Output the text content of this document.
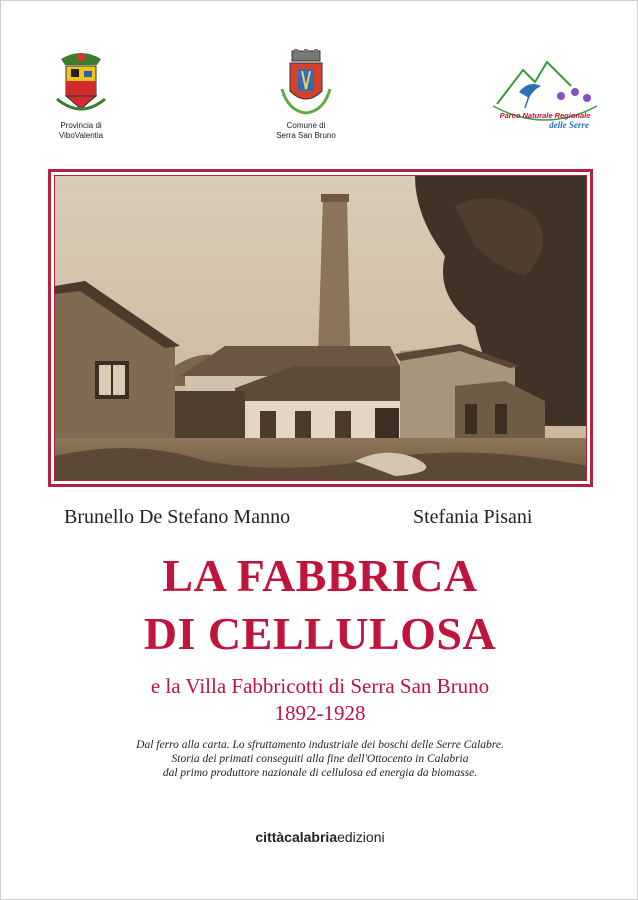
Provincia di
ViboValentia
Comune di
Serra San Bruno
Parco Naturale Regionale
delle Serre
Brunello De Stefano Manno	Stefania Pisani
LA FABBRICA
DI CELLULOSA
e la Villa Fabbricotti di Serra San Bruno
1892-1928
Dal ferro alla carta. Lo sfruttamento industriale dei boschi delle Serre Calabre.
Storia dei primati conseguiti alla fine dell'Ottocento in Calabria
dal primo produttore nazionale di cellulosa ed energia da biomasse.
cittàcalabriaedizioni
